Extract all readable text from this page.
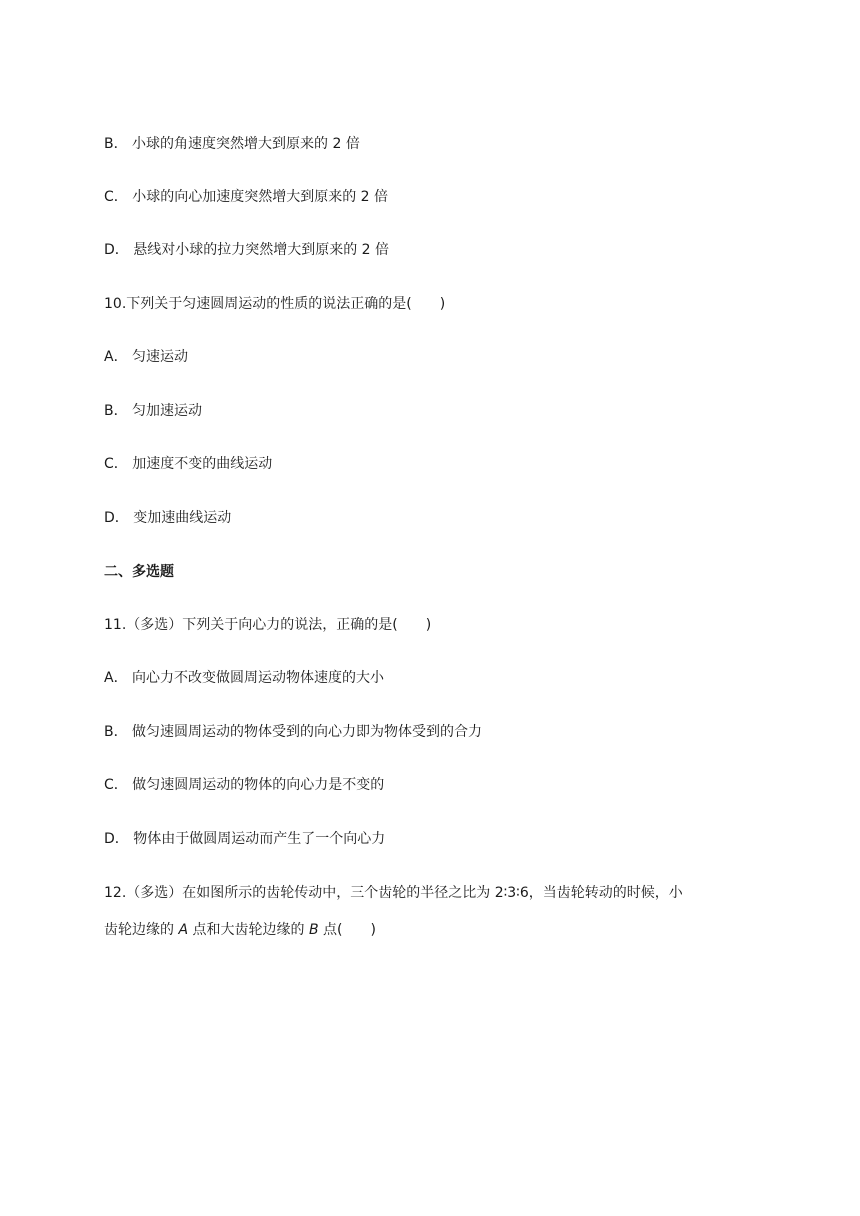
B． 小球的角速度突然增大到原来的 2 倍
C． 小球的向心加速度突然增大到原来的 2 倍
D． 悬线对小球的拉力突然增大到原来的 2 倍
10.下列关于匀速圆周运动的性质的说法正确的是( )
A． 匀速运动
B． 匀加速运动
C． 加速度不变的曲线运动
D． 变加速曲线运动
二、多选题
11.（多选）下列关于向心力的说法，正确的是( )
A． 向心力不改变做圆周运动物体速度的大小
B． 做匀速圆周运动的物体受到的向心力即为物体受到的合力
C． 做匀速圆周运动的物体的向心力是不变的
D． 物体由于做圆周运动而产生了一个向心力
12.（多选）在如图所示的齿轮传动中，三个齿轮的半径之比为 2∶3∶6，当齿轮转动的时候，小
齿轮边缘的 A 点和大齿轮边缘的 B 点( )
